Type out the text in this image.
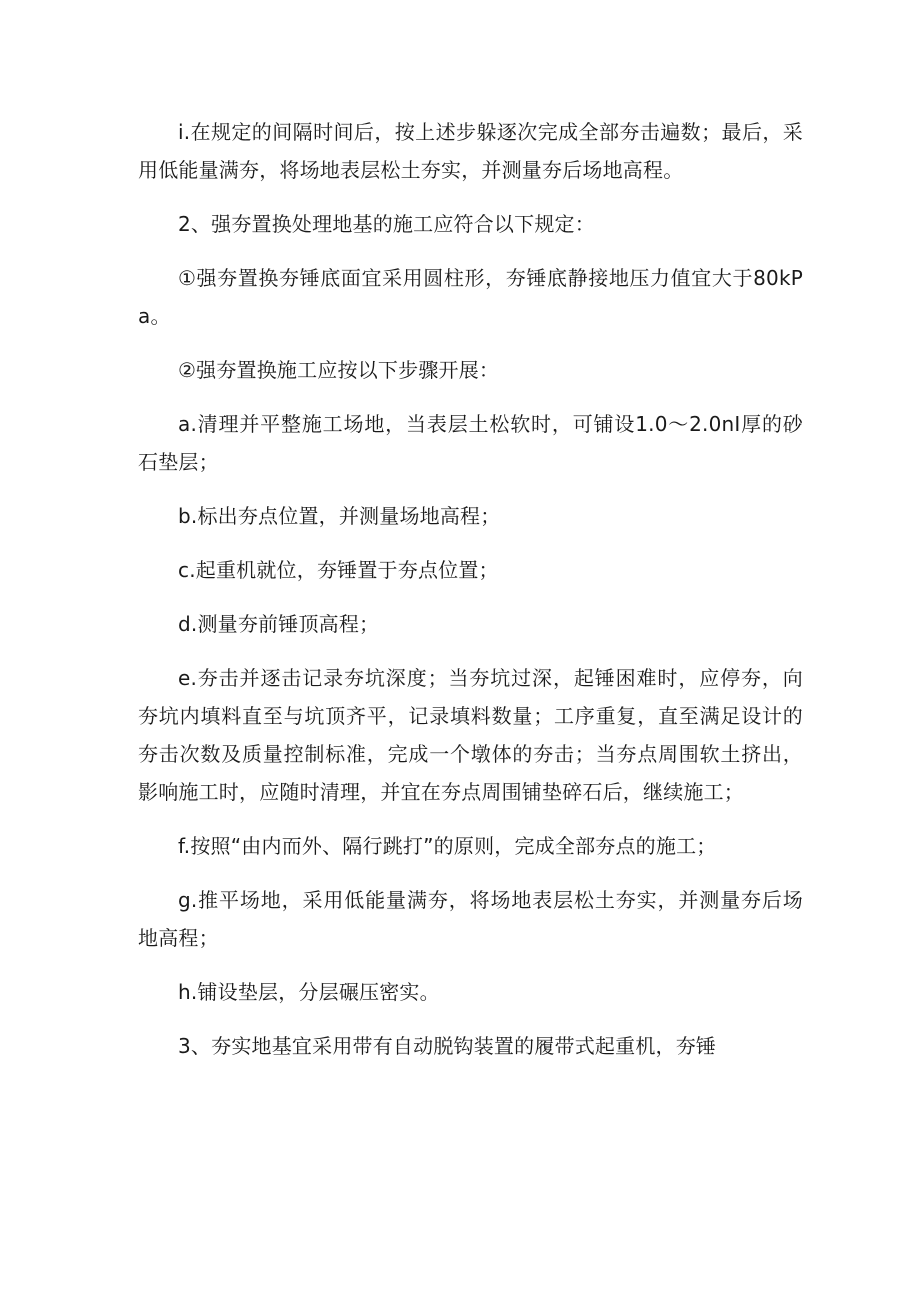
i.在规定的间隔时间后，按上述步躲逐次完成全部夯击遍数；最后，采用低能量满夯，将场地表层松土夯实，并测量夯后场地高程。

2、强夯置换处理地基的施工应符合以下规定：

①强夯置换夯锤底面宜采用圆柱形，夯锤底静接地压力值宜大于80kPa。

②强夯置换施工应按以下步骤开展：

a.清理并平整施工场地，当表层土松软时，可铺设1.0～2.0nI厚的砂石垫层；

b.标出夯点位置，并测量场地高程；

c.起重机就位，夯锤置于夯点位置；

d.测量夯前锤顶高程；

e.夯击并逐击记录夯坑深度；当夯坑过深，起锤困难时，应停夯，向夯坑内填料直至与坑顶齐平，记录填料数量；工序重复，直至满足设计的夯击次数及质量控制标准，完成一个墩体的夯击；当夯点周围软土挤出，影响施工时，应随时清理，并宜在夯点周围铺垫碎石后，继续施工；

f.按照“由内而外、隔行跳打”的原则，完成全部夯点的施工；

g.推平场地，采用低能量满夯，将场地表层松土夯实，并测量夯后场地高程；

h.铺设垫层，分层碾压密实。

3、夯实地基宜采用带有自动脱钩装置的履带式起重机，夯锤
